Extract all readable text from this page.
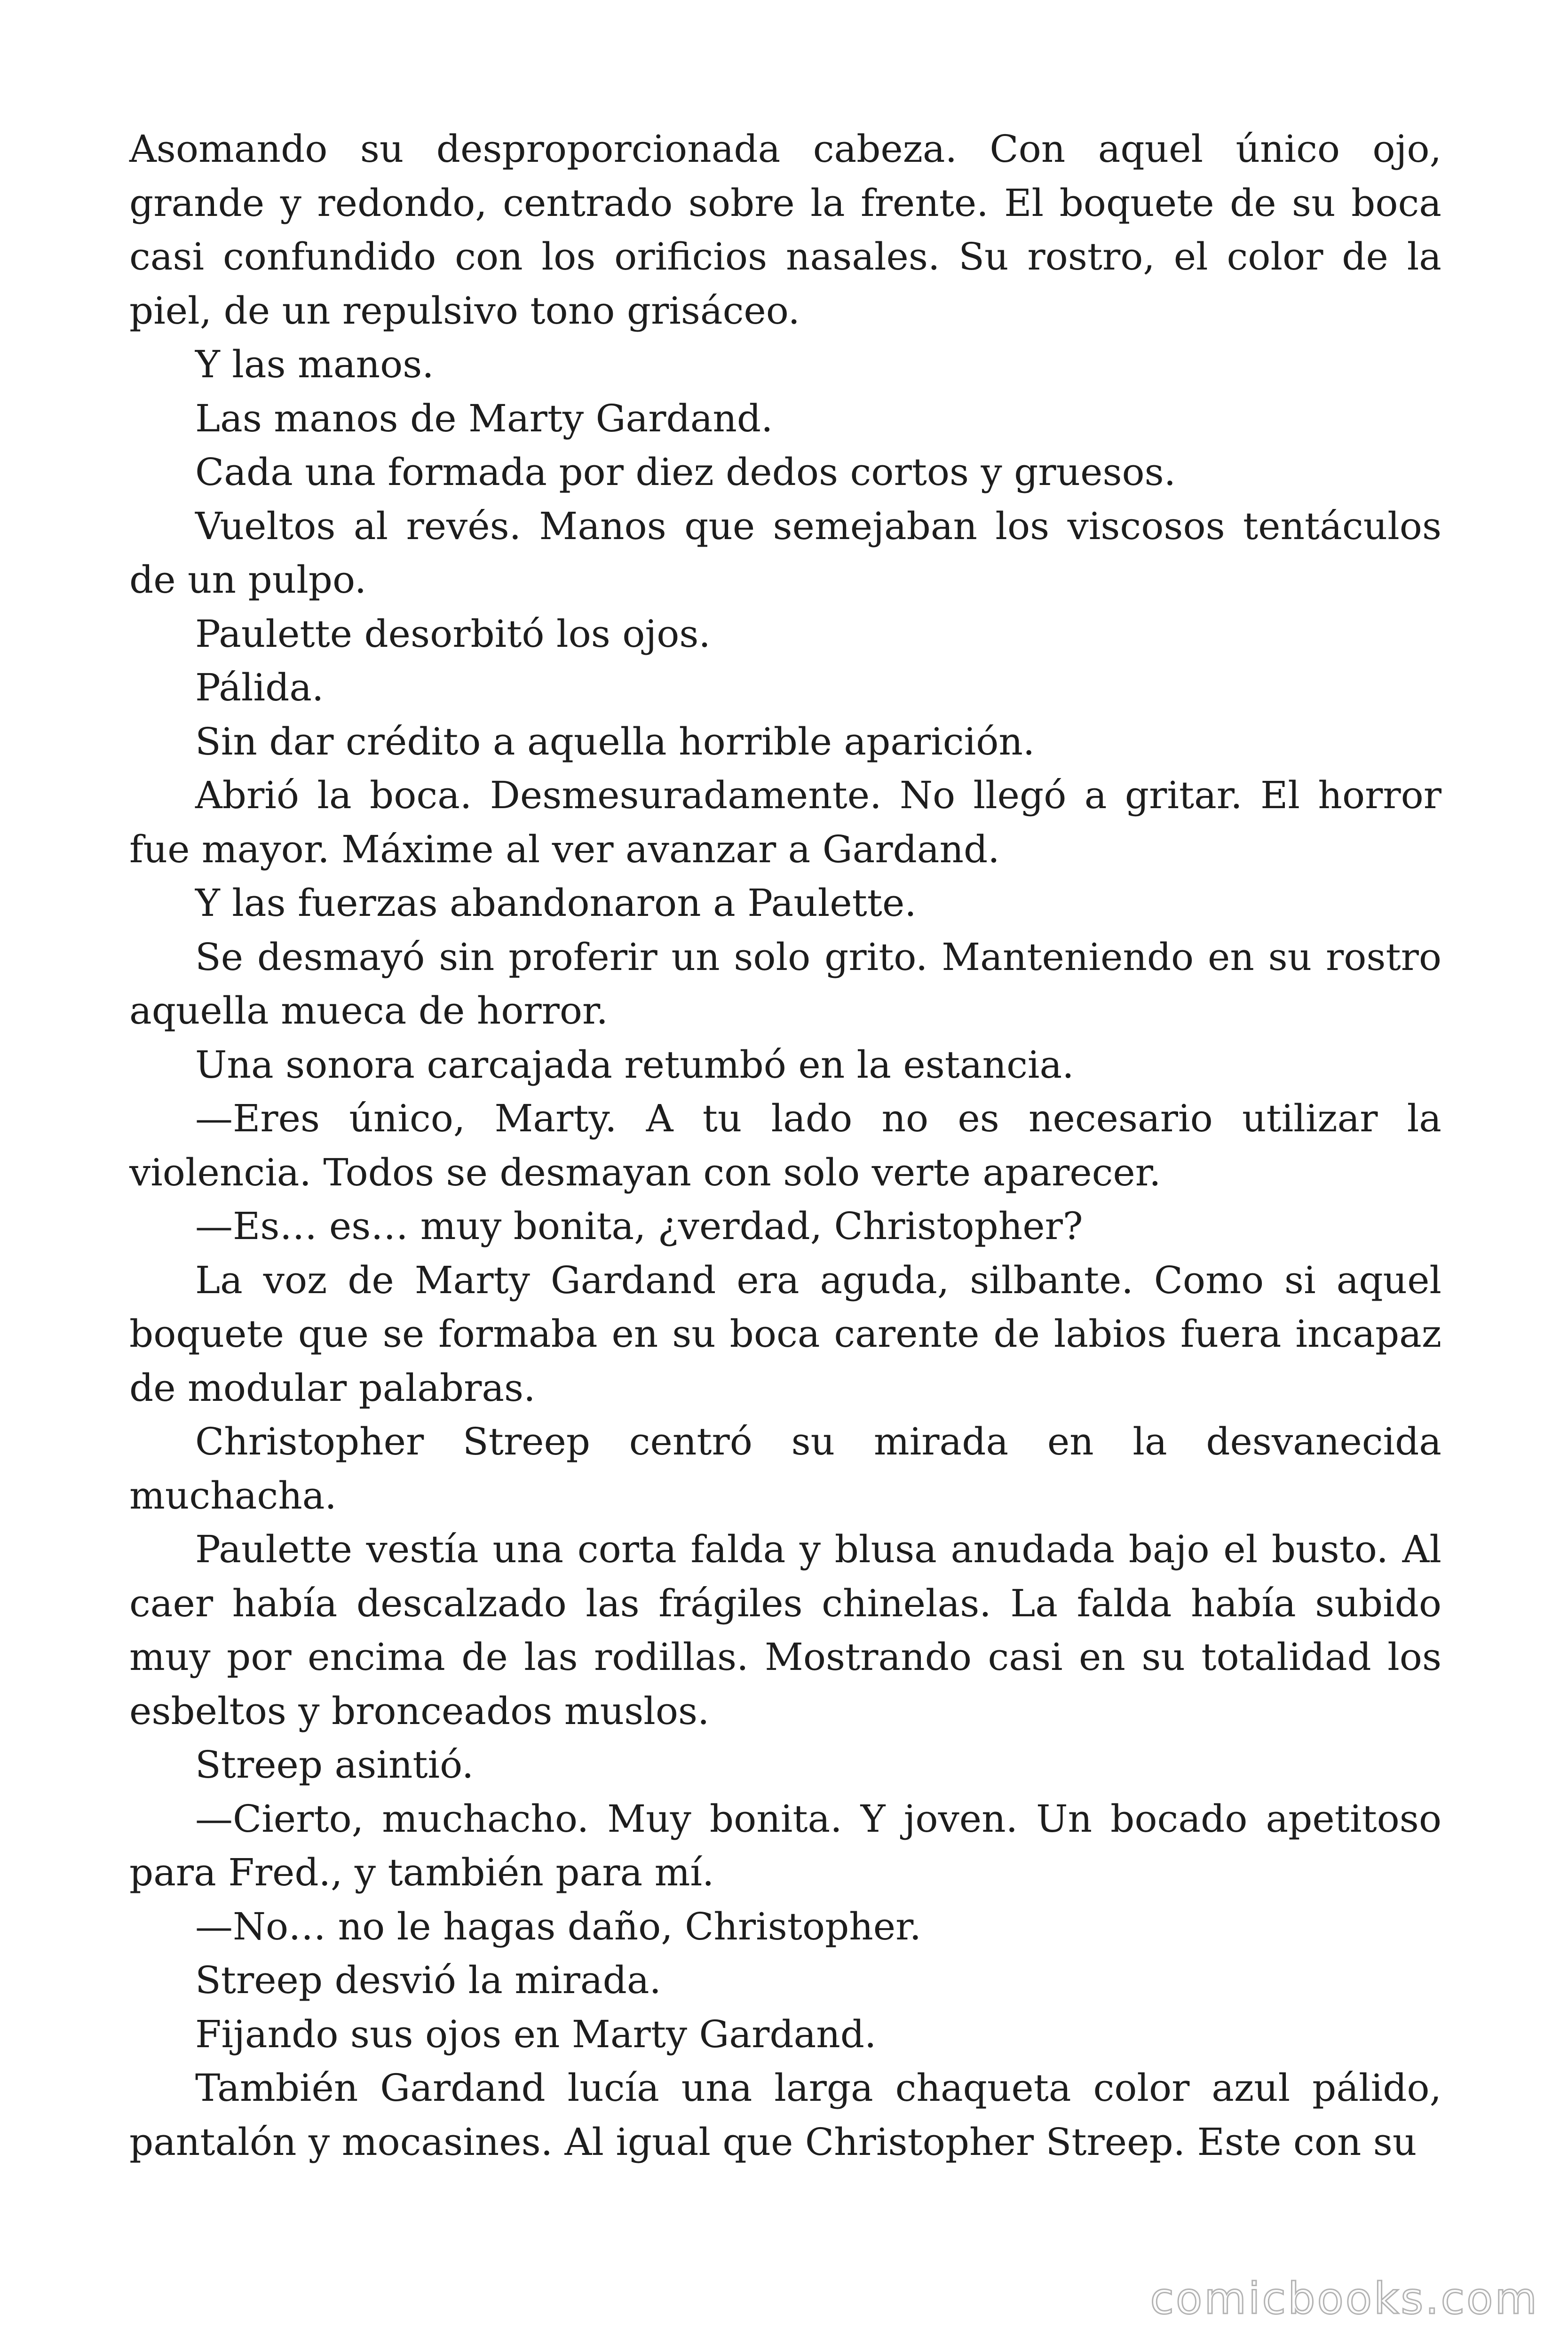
Asomando su desproporcionada cabeza. Con aquel único ojo, grande y redondo, centrado sobre la frente. El boquete de su boca casi confundido con los orificios nasales. Su rostro, el color de la piel, de un repulsivo tono grisáceo.

Y las manos.

Las manos de Marty Gardand.

Cada una formada por diez dedos cortos y gruesos.

Vueltos al revés. Manos que semejaban los viscosos tentáculos de un pulpo.

Paulette desorbitó los ojos.

Pálida.

Sin dar crédito a aquella horrible aparición.

Abrió la boca. Desmesuradamente. No llegó a gritar. El horror fue mayor. Máxime al ver avanzar a Gardand.

Y las fuerzas abandonaron a Paulette.

Se desmayó sin proferir un solo grito. Manteniendo en su rostro aquella mueca de horror.

Una sonora carcajada retumbó en la estancia.

—Eres único, Marty. A tu lado no es necesario utilizar la violencia. Todos se desmayan con solo verte aparecer.

—Es… es… muy bonita, ¿verdad, Christopher?

La voz de Marty Gardand era aguda, silbante. Como si aquel boquete que se formaba en su boca carente de labios fuera incapaz de modular palabras.

Christopher Streep centró su mirada en la desvanecida muchacha.

Paulette vestía una corta falda y blusa anudada bajo el busto. Al caer había descalzado las frágiles chinelas. La falda había subido muy por encima de las rodillas. Mostrando casi en su totalidad los esbeltos y bronceados muslos.

Streep asintió.

—Cierto, muchacho. Muy bonita. Y joven. Un bocado apetitoso para Fred., y también para mí.

—No… no le hagas daño, Christopher.

Streep desvió la mirada.

Fijando sus ojos en Marty Gardand.

También Gardand lucía una larga chaqueta color azul pálido, pantalón y mocasines. Al igual que Christopher Streep. Este con su

comicbooks.com
